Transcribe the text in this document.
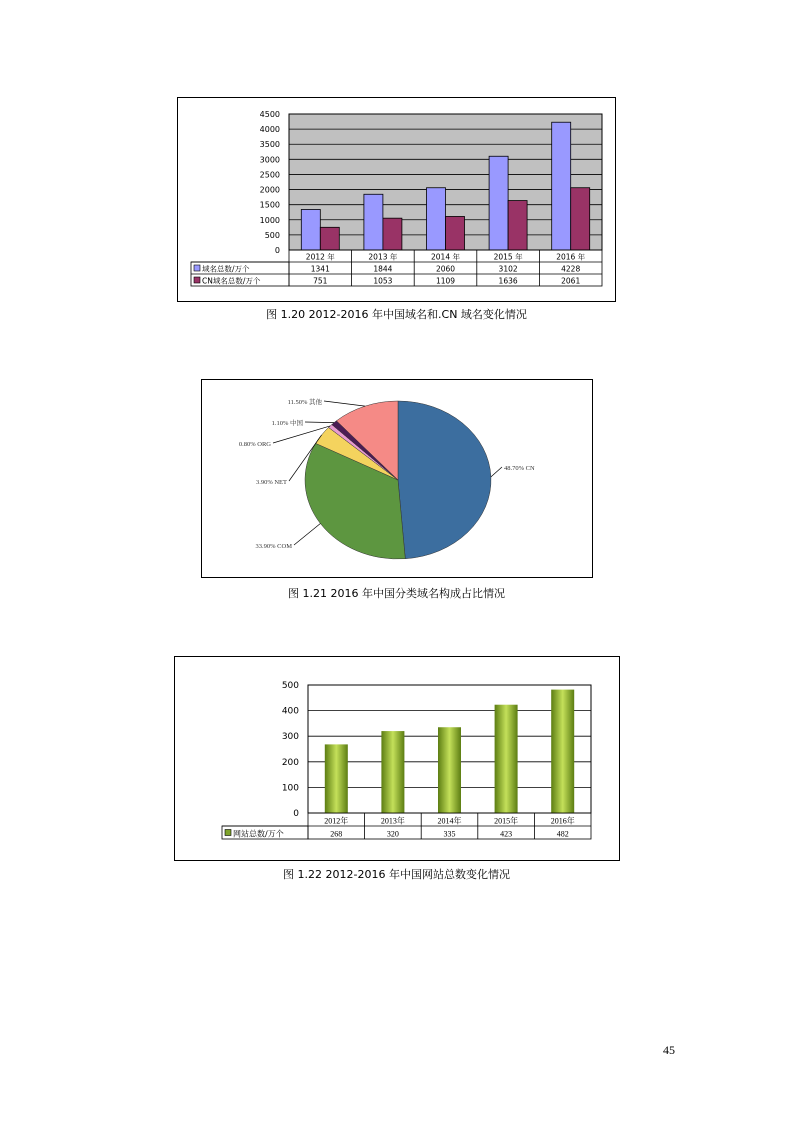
0
500
1000
1500
2000
2500
3000
3500
4000
4500
2012 年	2013 年	2014 年	2015 年	2016 年
域名总数/万个	1341	1844	2060	3102	4228
CN域名总数/万个	751	1053	1109	1636	2061
图 1.20 2012-2016 年中国域名和.CN 域名变化情况
48.70% CN
33.90% COM
3.90% NET
0.80% ORG
1.10% 中国
11.50% 其他
图 1.21 2016 年中国分类域名构成占比情况
0
100
200
300
400
500
2012年	2013年	2014年	2015年	2016年
网站总数/万个	268	320	335	423	482
图 1.22 2012-2016 年中国网站总数变化情况
45
